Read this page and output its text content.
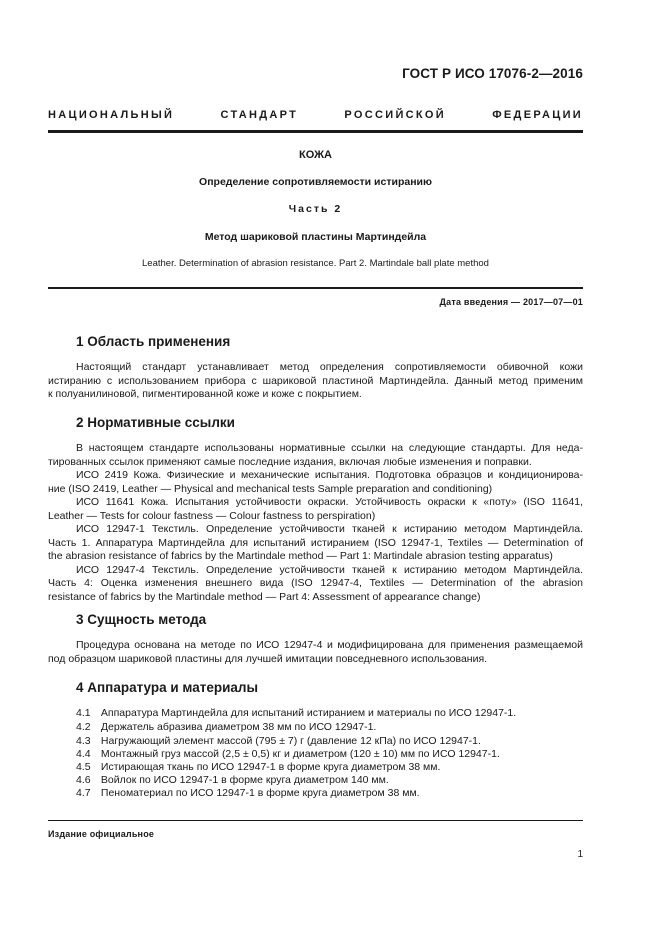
ГОСТ Р ИСО 17076-2—2016
НАЦИОНАЛЬНЫЙ СТАНДАРТ РОССИЙСКОЙ ФЕДЕРАЦИИ
КОЖА
Определение сопротивляемости истиранию
Часть 2
Метод шариковой пластины Мартиндейла
Leather. Determination of abrasion resistance. Part 2. Martindale ball plate method
Дата введения — 2017—07—01
1 Область применения
Настоящий стандарт устанавливает метод определения сопротивляемости обивочной кожи
истиранию с использованием прибора с шариковой пластиной Мартиндейла. Данный метод применим
к полуанилиновой, пигментированной коже и коже с покрытием.
2 Нормативные ссылки
В настоящем стандарте использованы нормативные ссылки на следующие стандарты. Для неда-
тированных ссылок применяют самые последние издания, включая любые изменения и поправки.
ИСО 2419 Кожа. Физические и механические испытания. Подготовка образцов и кондиционирова-
ние (ISO 2419, Leather — Physical and mechanical tests Sample preparation and conditioning)
ИСО 11641 Кожа. Испытания устойчивости окраски. Устойчивость окраски к «поту» (ISO 11641,
Leather — Tests for colour fastness — Colour fastness to perspiration)
ИСО 12947-1 Текстиль. Определение устойчивости тканей к истиранию методом Мартиндейла.
Часть 1. Аппаратура Мартиндейла для испытаний истиранием (ISO 12947-1, Textiles — Determination of
the abrasion resistance of fabrics by the Martindale method — Part 1: Martindale abrasion testing apparatus)
ИСО 12947-4 Текстиль. Определение устойчивости тканей к истиранию методом Мартиндейла.
Часть 4: Оценка изменения внешнего вида (ISO 12947-4, Textiles — Determination of the abrasion
resistance of fabrics by the Martindale method — Part 4: Assessment of appearance change)
3 Сущность метода
Процедура основана на методе по ИСО 12947-4 и модифицирована для применения размещаемой
под образцом шариковой пластины для лучшей имитации повседневного использования.
4 Аппаратура и материалы
4.1 Аппаратура Мартиндейла для испытаний истиранием и материалы по ИСО 12947-1.
4.2 Держатель абразива диаметром 38 мм по ИСО 12947-1.
4.3 Нагружающий элемент массой (795 ± 7) г (давление 12 кПа) по ИСО 12947-1.
4.4 Монтажный груз массой (2,5 ± 0,5) кг и диаметром (120 ± 10) мм по ИСО 12947-1.
4.5 Истирающая ткань по ИСО 12947-1 в форме круга диаметром 38 мм.
4.6 Войлок по ИСО 12947-1 в форме круга диаметром 140 мм.
4.7 Пеноматериал по ИСО 12947-1 в форме круга диаметром 38 мм.
Издание официальное
1
